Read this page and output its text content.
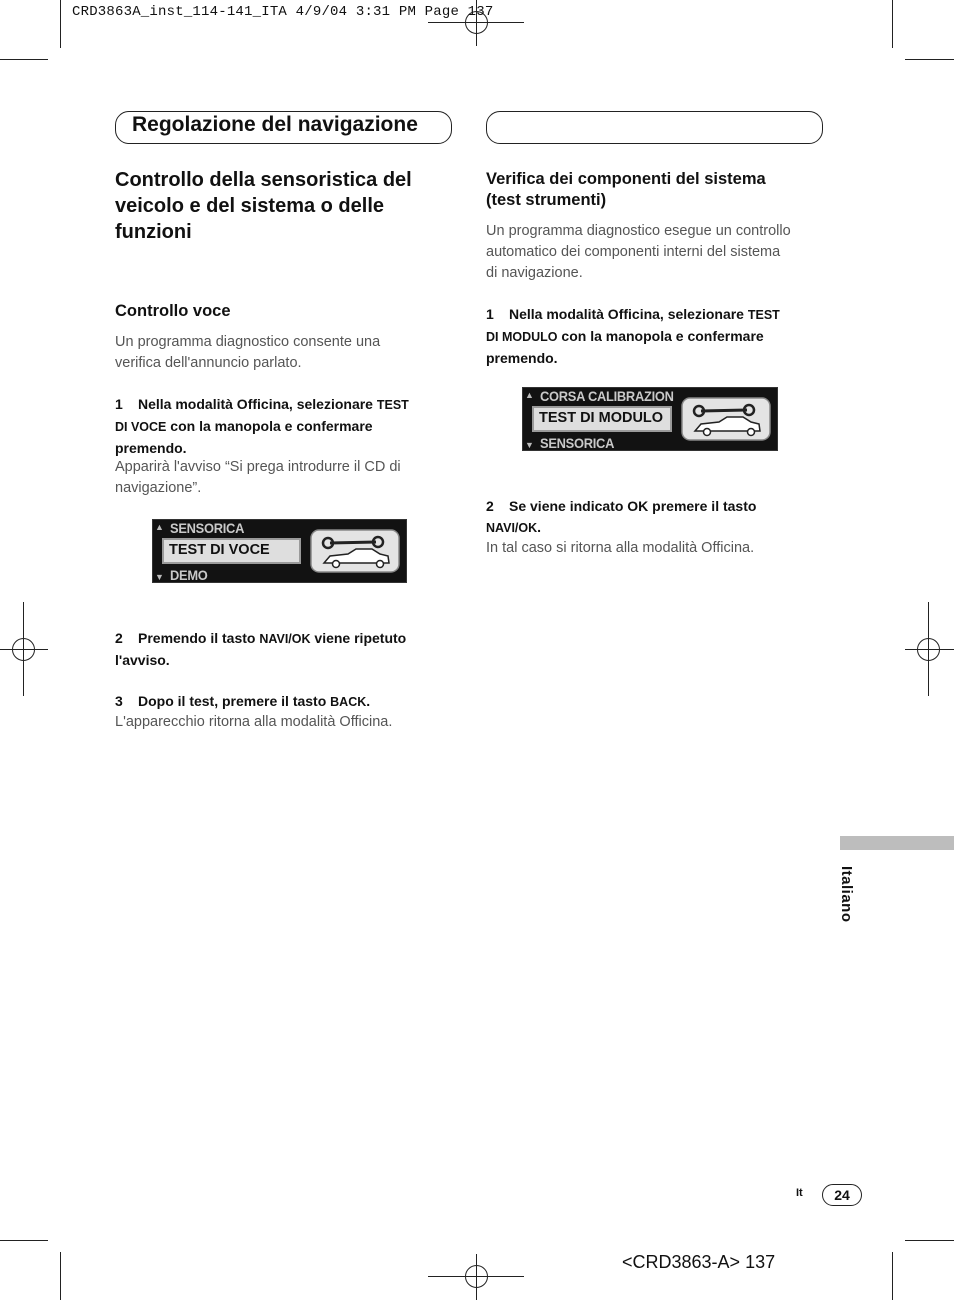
CRD3863A_inst_114-141_ITA 4/9/04 3:31 PM Page 137
Regolazione del navigazione
Controllo della sensoristica del
veicolo e del sistema o delle
funzioni
Controllo voce
Un programma diagnostico consente una
verifica dell'annuncio parlato.
1 Nella modalità Officina, selezionare TEST
DI VOCE con la manopola e confermare
premendo.
Apparirà l'avviso “Si prega introdurre il CD di
navigazione”.
▲ SENSORICA
TEST DI VOCE
DEMO
▼
2 Premendo il tasto NAVI/OK viene ripetuto
l'avviso.
3 Dopo il test, premere il tasto BACK.
L'apparecchio ritorna alla modalità Officina.
Verifica dei componenti del sistema
(test strumenti)
Un programma diagnostico esegue un controllo
automatico dei componenti interni del sistema
di navigazione.
1 Nella modalità Officina, selezionare TEST
DI MODULO con la manopola e confermare
premendo.
▲ CORSA CALIBRAZION
TEST DI MODULO
SENSORICA
▼
2 Se viene indicato OK premere il tasto
NAVI/OK.
In tal caso si ritorna alla modalità Officina.
Italiano
It	24
<CRD3863-A> 137
